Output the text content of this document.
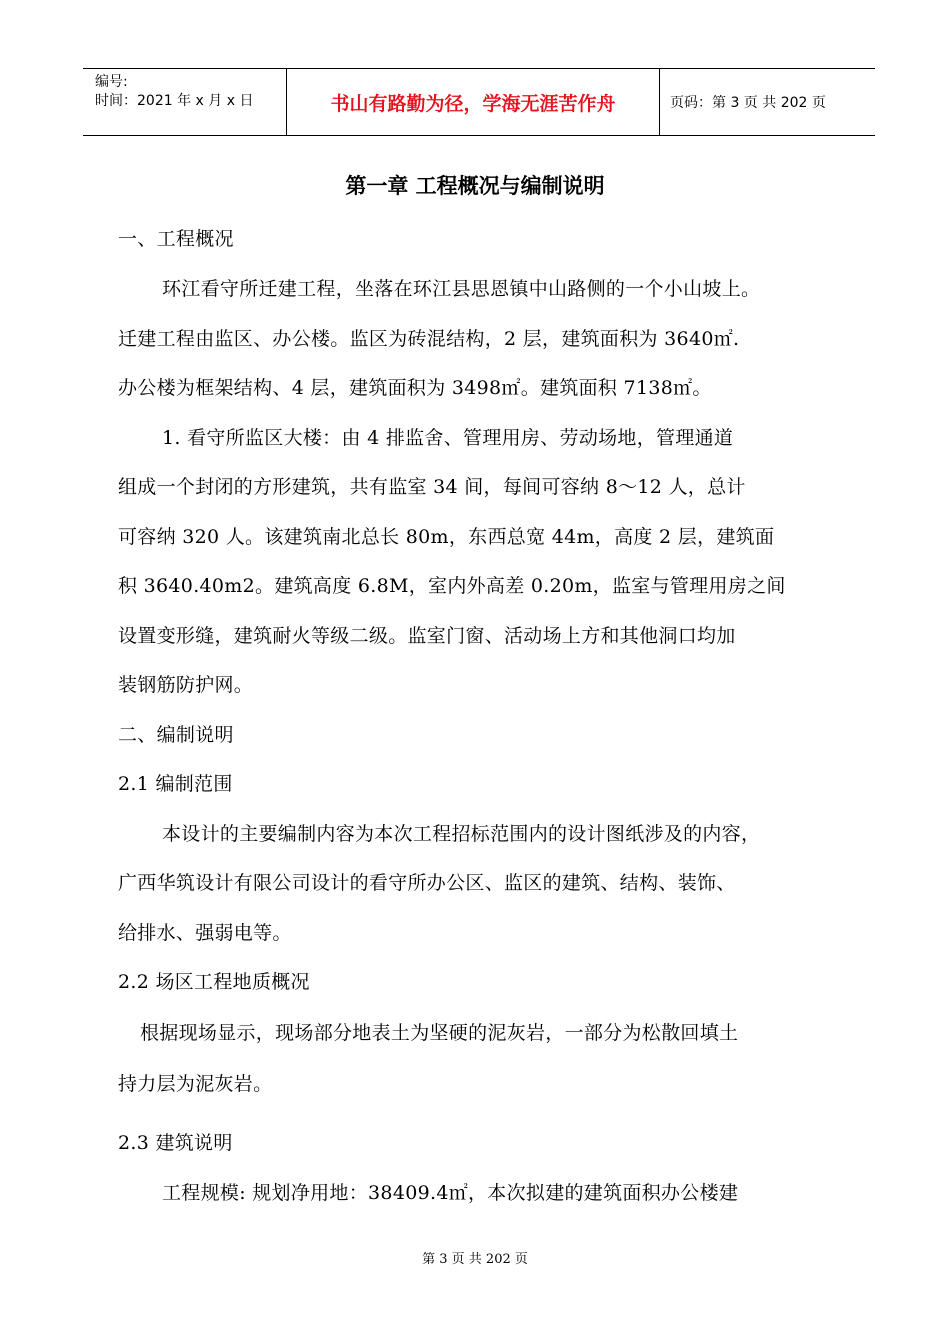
编号:
时间：2021 年 x 月 x 日	书山有路勤为径，学海无涯苦作舟	页码：第 3 页 共 202 页
第一章 工程概况与编制说明
一、工程概况
环江看守所迁建工程，坐落在环江县思恩镇中山路侧的一个小山坡上。
迁建工程由监区、办公楼。监区为砖混结构，2 层，建筑面积为 3640㎡.
办公楼为框架结构、4 层，建筑面积为 3498㎡。建筑面积 7138㎡。
1. 看守所监区大楼：由 4 排监舍、管理用房、劳动场地，管理通道
组成一个封闭的方形建筑，共有监室 34 间，每间可容纳 8～12 人，总计
可容纳 320 人。该建筑南北总长 80m，东西总宽 44m，高度 2 层，建筑面
积 3640.40m2。建筑高度 6.8M，室内外高差 0.20m，监室与管理用房之间
设置变形缝，建筑耐火等级二级。监室门窗、活动场上方和其他洞口均加
装钢筋防护网。
二、编制说明
2.1 编制范围
本设计的主要编制内容为本次工程招标范围内的设计图纸涉及的内容，
广西华筑设计有限公司设计的看守所办公区、监区的建筑、结构、装饰、
给排水、强弱电等。
2.2 场区工程地质概况
根据现场显示，现场部分地表土为坚硬的泥灰岩，一部分为松散回填土
持力层为泥灰岩。
2.3 建筑说明
工程规模: 规划净用地：38409.4㎡，本次拟建的建筑面积办公楼建
第 3 页 共 202 页
